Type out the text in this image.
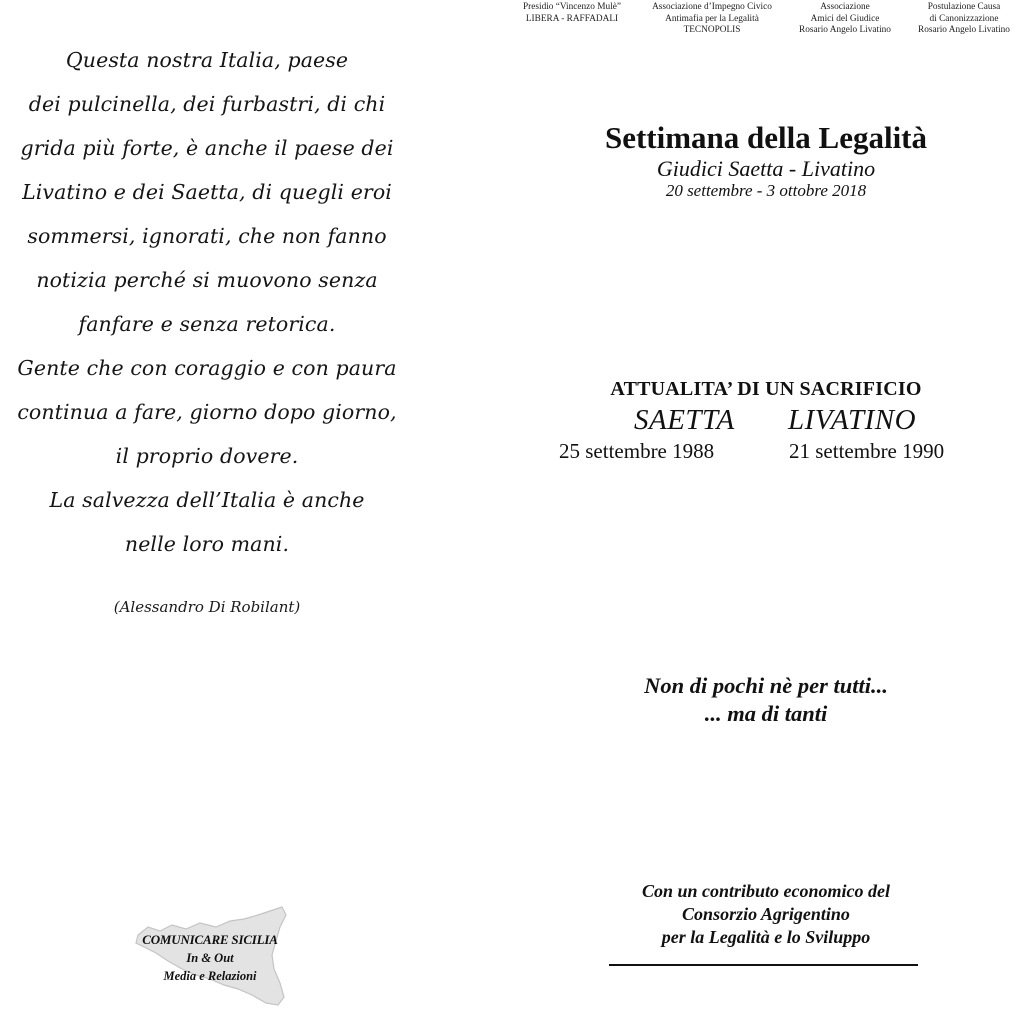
Questa nostra Italia, paese
dei pulcinella, dei furbastri, di chi
grida più forte, è anche il paese dei
Livatino e dei Saetta, di quegli eroi
sommersi, ignorati, che non fanno
notizia perché si muovono senza
fanfare e senza retorica.
Gente che con coraggio e con paura
continua a fare, giorno dopo giorno,
il proprio dovere.
La salvezza dell’Italia è anche
nelle loro mani.
(Alessandro Di Robilant)
COMUNICARE SICILIA
In & Out
Media e Relazioni
Presidio “Vincenzo Mulè”
LIBERA - RAFFADALI
Associazione d’Impegno Civico
Antimafia per la Legalità
TECNOPOLIS
Associazione
Amici del Giudice
Rosario Angelo Livatino
Postulazione Causa
di Canonizzazione
Rosario Angelo Livatino
Settimana della Legalità
Giudici Saetta - Livatino
20 settembre - 3 ottobre 2018
ATTUALITA’ DI UN SACRIFICIO
SAETTA LIVATINO
25 settembre 1988	21 settembre 1990
Non di pochi nè per tutti...
... ma di tanti
Con un contributo economico del
Consorzio Agrigentino
per la Legalità e lo Sviluppo
